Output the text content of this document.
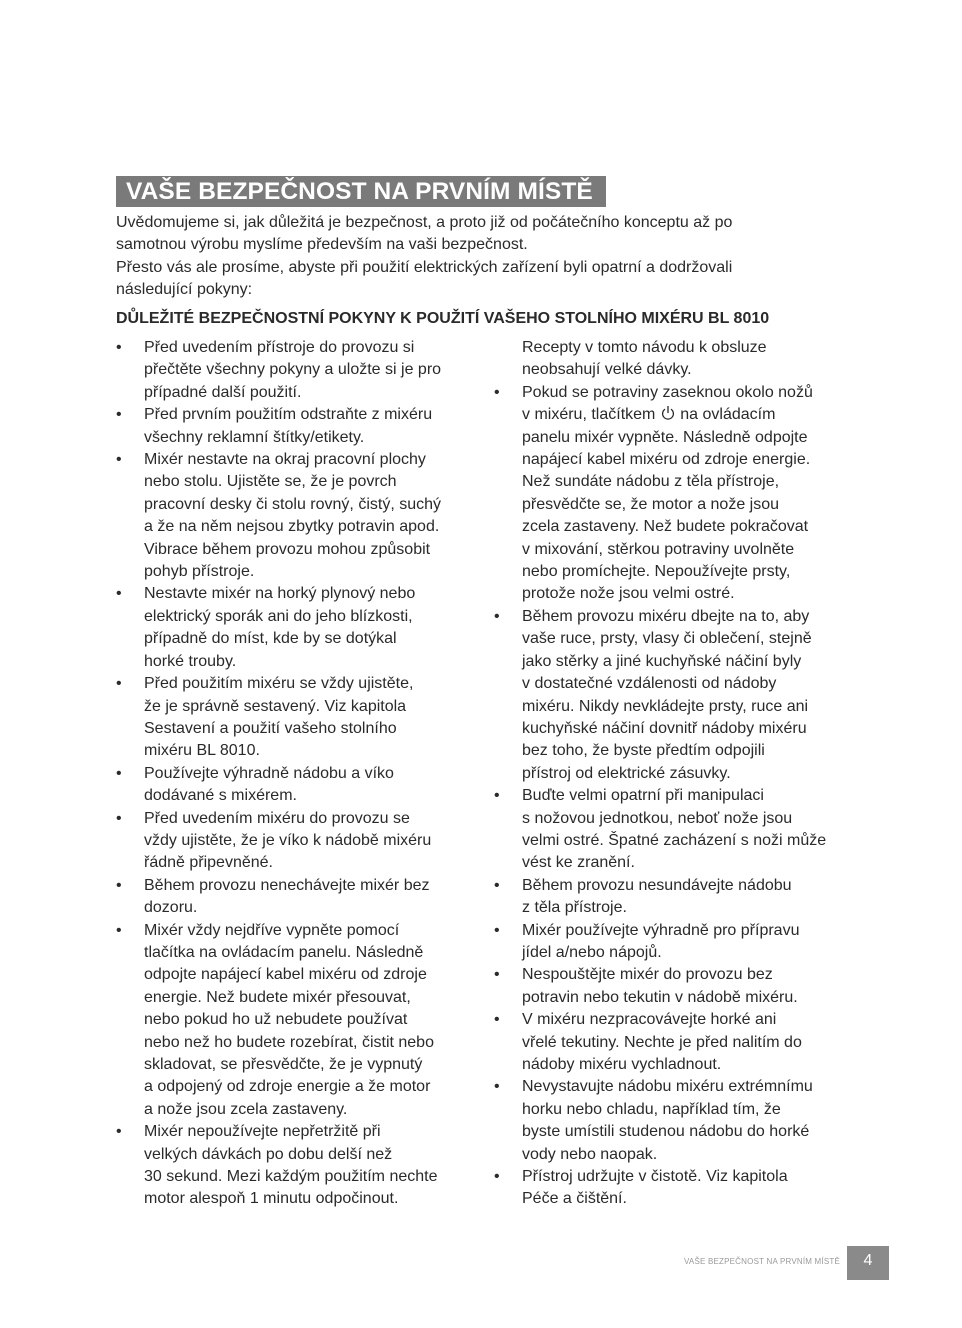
VAŠE BEZPEČNOST NA PRVNÍM MÍSTĚ

Uvědomujeme si, jak důležitá je bezpečnost, a proto již od počátečního konceptu až po
samotnou výrobu myslíme především na vaši bezpečnost.

Přesto vás ale prosíme, abyste při použití elektrických zařízení byli opatrní a dodržovali
následující pokyny:

DŮLEŽITÉ BEZPEČNOSTNÍ POKYNY K POUŽITÍ VAŠEHO STOLNÍHO MIXÉRU BL 8010
• Před uvedením přístroje do provozu si
přečtěte všechny pokyny a uložte si je pro
případné další použití.
• Před prvním použitím odstraňte z mixéru
všechny reklamní štítky/etikety.
• Mixér nestavte na okraj pracovní plochy
nebo stolu. Ujistěte se, že je povrch
pracovní desky či stolu rovný, čistý, suchý
a že na něm nejsou zbytky potravin apod.
Vibrace během provozu mohou způsobit
pohyb přístroje.
• Nestavte mixér na horký plynový nebo
elektrický sporák ani do jeho blízkosti,
případně do míst, kde by se dotýkal
horké trouby.
• Před použitím mixéru se vždy ujistěte,
že je správně sestavený. Viz kapitola
Sestavení a použití vašeho stolního
mixéru BL 8010.
• Používejte výhradně nádobu a víko
dodávané s mixérem.
• Před uvedením mixéru do provozu se
vždy ujistěte, že je víko k nádobě mixéru
řádně připevněné.
• Během provozu nenechávejte mixér bez
dozoru.
• Mixér vždy nejdříve vypněte pomocí
tlačítka na ovládacím panelu. Následně
odpojte napájecí kabel mixéru od zdroje
energie. Než budete mixér přesouvat,
nebo pokud ho už nebudete používat
nebo než ho budete rozebírat, čistit nebo
skladovat, se přesvědčte, že je vypnutý
a odpojený od zdroje energie a že motor
a nože jsou zcela zastaveny.
• Mixér nepoužívejte nepřetržitě při
velkých dávkách po dobu delší než
30 sekund. Mezi každým použitím nechte
motor alespoň 1 minutu odpočinout.
Recepty v tomto návodu k obsluze
neobsahují velké dávky.
• Pokud se potraviny zaseknou okolo nožů
v mixéru, tlačítkem  na ovládacím
panelu mixér vypněte. Následně odpojte
napájecí kabel mixéru od zdroje energie.
Než sundáte nádobu z těla přístroje,
přesvědčte se, že motor a nože jsou
zcela zastaveny. Než budete pokračovat
v mixování, stěrkou potraviny uvolněte
nebo promíchejte. Nepoužívejte prsty,
protože nože jsou velmi ostré.
• Během provozu mixéru dbejte na to, aby
vaše ruce, prsty, vlasy či oblečení, stejně
jako stěrky a jiné kuchyňské náčiní byly
v dostatečné vzdálenosti od nádoby
mixéru. Nikdy nevkládejte prsty, ruce ani
kuchyňské náčiní dovnitř nádoby mixéru
bez toho, že byste předtím odpojili
přístroj od elektrické zásuvky.
• Buďte velmi opatrní při manipulaci
s nožovou jednotkou, neboť nože jsou
velmi ostré. Špatné zacházení s noži může
vést ke zranění.
• Během provozu nesundávejte nádobu
z těla přístroje.
• Mixér používejte výhradně pro přípravu
jídel a/nebo nápojů.
• Nespouštějte mixér do provozu bez
potravin nebo tekutin v nádobě mixéru.
• V mixéru nezpracovávejte horké ani
vřelé tekutiny. Nechte je před nalitím do
nádoby mixéru vychladnout.
• Nevystavujte nádobu mixéru extrémnímu
horku nebo chladu, například tím, že
byste umístili studenou nádobu do horké
vody nebo naopak.
• Přístroj udržujte v čistotě. Viz kapitola
Péče a čištění.
VAŠE BEZPEČNOST NA PRVNÍM MÍSTĚ	4
